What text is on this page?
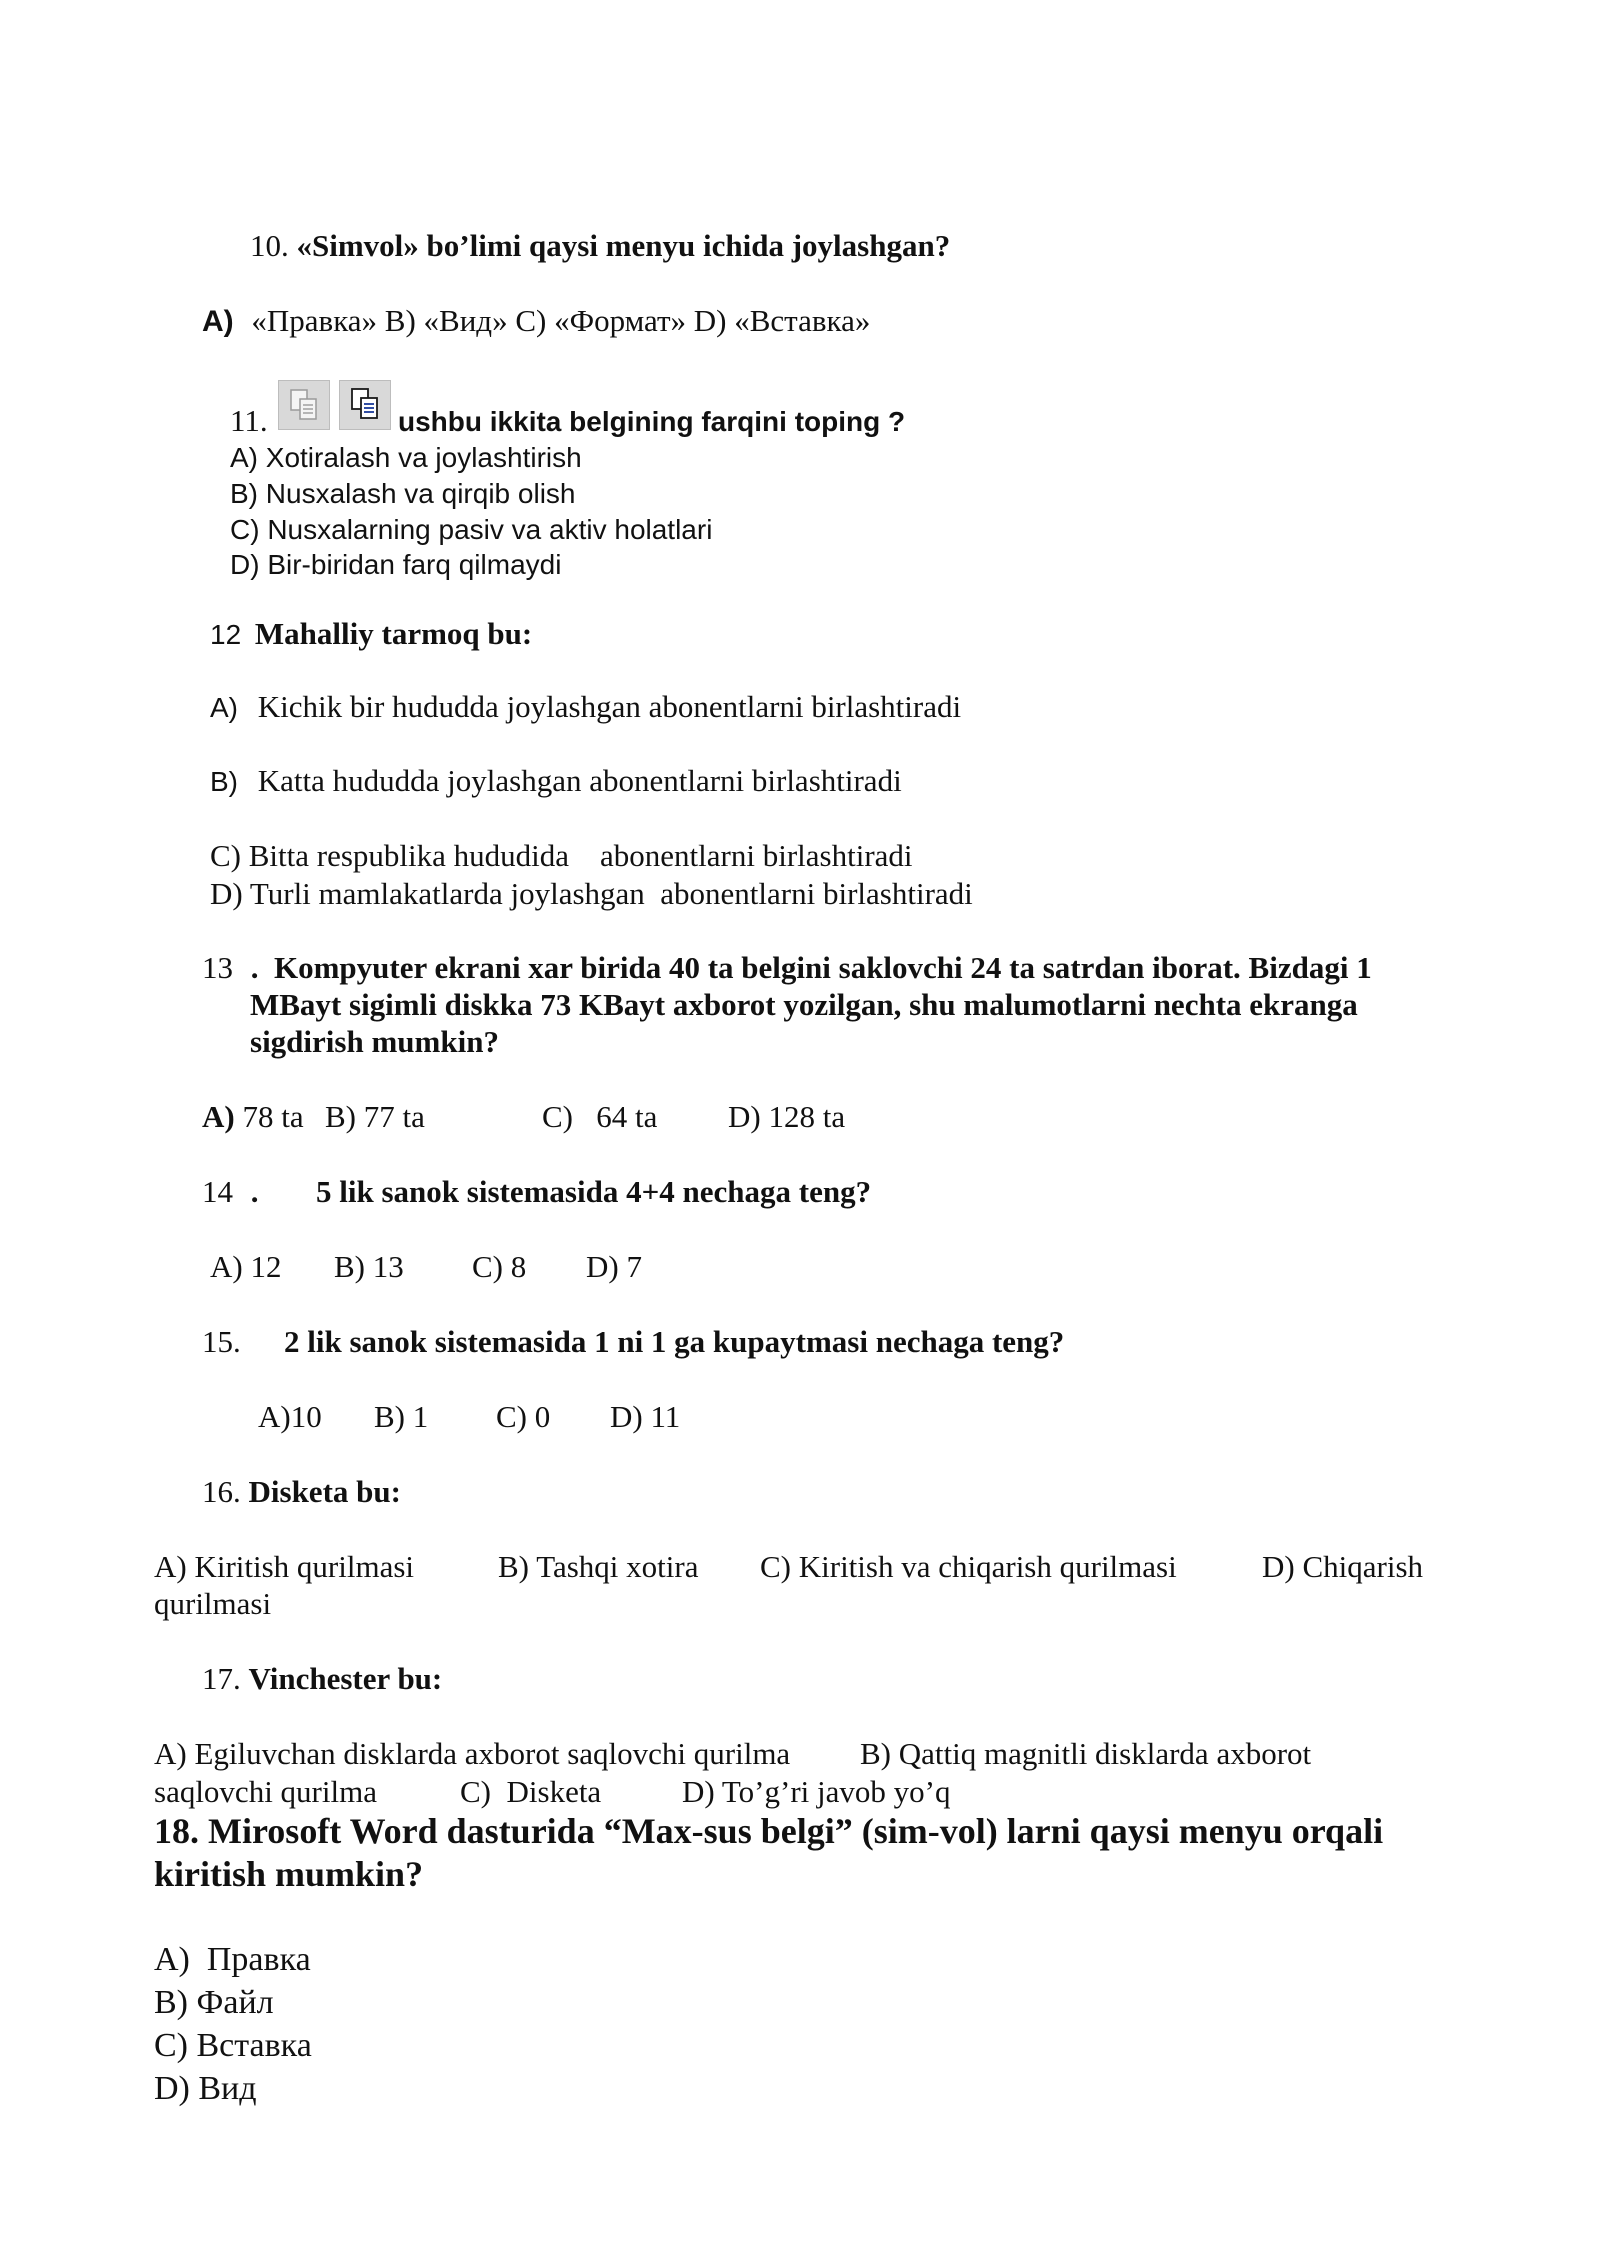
10. «Simvol» bo’limi qaysi menyu ichida joylashgan?
A) «Правка» B) «Вид» C) «Формат» D) «Вставка»
11.	ushbu ikkita belgining farqini toping ?
A) Xotiralash va joylashtirish
B) Nusxalash va qirqib olish
C) Nusxalarning pasiv va aktiv holatlari
D) Bir-biridan farq qilmaydi
12 Mahalliy tarmoq bu:
A) Kichik bir hududda joylashgan abonentlarni birlashtiradi
B) Katta hududda joylashgan abonentlarni birlashtiradi
C) Bitta respublika hududida    abonentlarni birlashtiradi
D) Turli mamlakatlarda joylashgan  abonentlarni birlashtiradi
13 . Kompyuter ekrani xar birida 40 ta belgini saklovchi 24 ta satrdan iborat. Bizdagi 1
MBayt sigimli diskka 73 KBayt axborot yozilgan, shu malumotlarni nechta ekranga
sigdirish mumkin?
A) 78 ta B) 77 ta	C)   64 ta D) 128 ta
14 . 5 lik sanok sistemasida 4+4 nechaga teng?
A) 12 B) 13 C) 8 D) 7
15. 2 lik sanok sistemasida 1 ni 1 ga kupaytmasi nechaga teng?
A)10 B) 1 C) 0 D) 11
16. Disketa bu:
A) Kiritish qurilmasi	B) Tashqi xotira C) Kiritish va chiqarish qurilmasi	D) Chiqarish
qurilmasi
17. Vinchester bu:
A) Egiluvchan disklarda axborot saqlovchi qurilma B) Qattiq magnitli disklarda axborot
saqlovchi qurilma	C)  Disketa	D) To’g’ri javob yo’q
18. Mirosoft Word dasturida “Max-sus belgi” (sim-vol) larni qaysi menyu orqali
kiritish mumkin?
A)  Правка
B) Файл
C) Вставка
D) Вид
